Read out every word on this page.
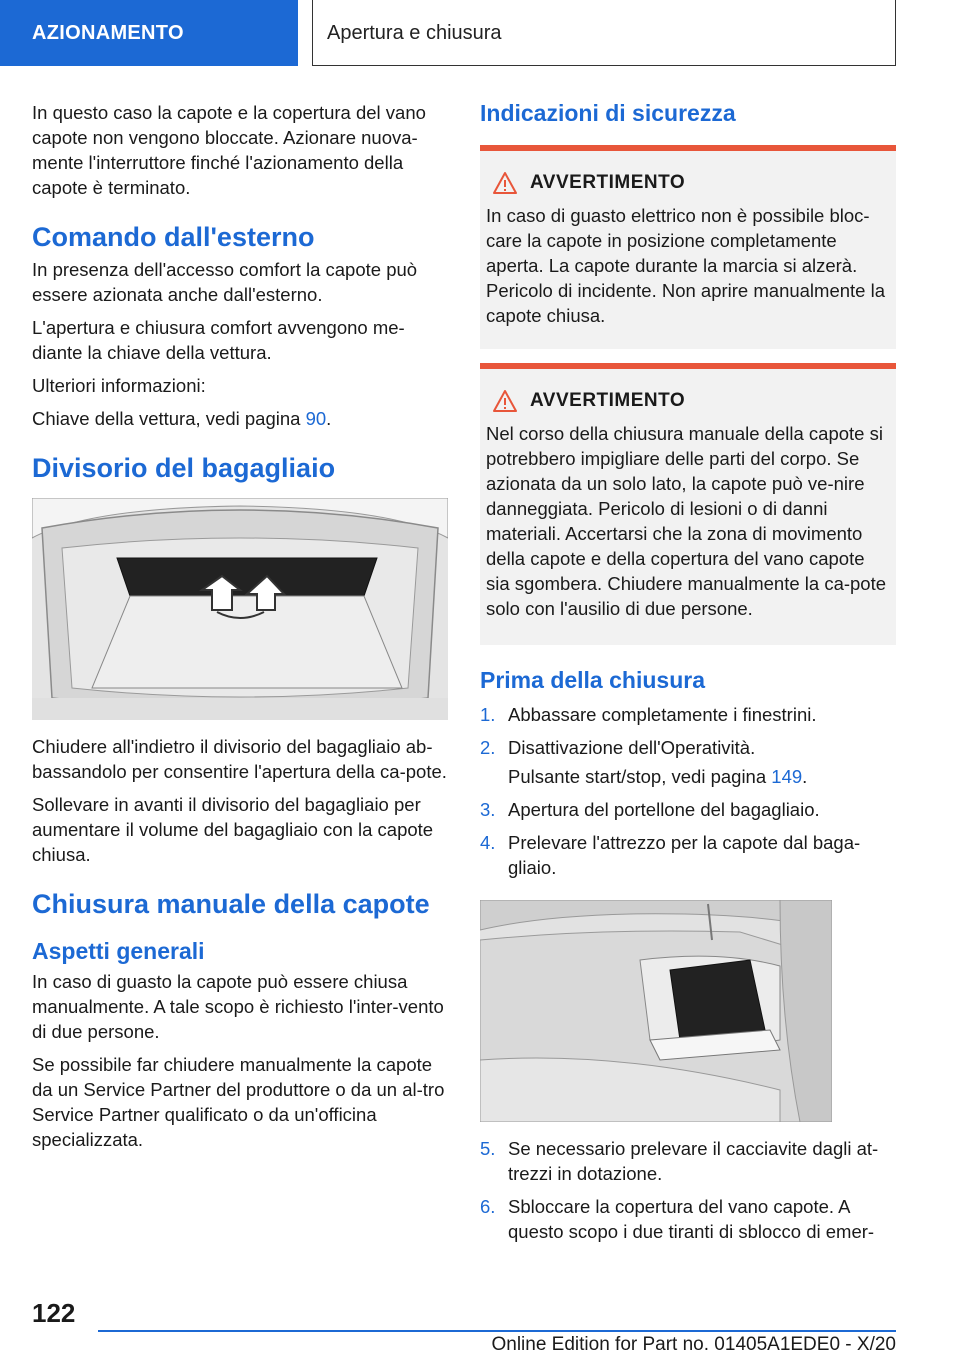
AZIONAMENTO	Apertura e chiusura

In questo caso la capote e la copertura del vano capote non vengono bloccate. Azionare nuova-mente l'interruttore finché l'azionamento della capote è terminato.

Comando dall'esterno

In presenza dell'accesso comfort la capote può essere azionata anche dall'esterno.

L'apertura e chiusura comfort avvengono me-diante la chiave della vettura.

Ulteriori informazioni:

Chiave della vettura, vedi pagina 90.

Divisorio del bagagliaio

Chiudere all'indietro il divisorio del bagagliaio ab-bassandolo per consentire l'apertura della ca-pote.

Sollevare in avanti il divisorio del bagagliaio per aumentare il volume del bagagliaio con la capote chiusa.

Chiusura manuale della capote
Aspetti generali

In caso di guasto la capote può essere chiusa manualmente. A tale scopo è richiesto l'inter-vento di due persone.

Se possibile far chiudere manualmente la capote da un Service Partner del produttore o da un al-tro Service Partner qualificato o da un'officina specializzata.

Indicazioni di sicurezza
AVVERTIMENTO

In caso di guasto elettrico non è possibile bloc-care la capote in posizione completamente aperta. La capote durante la marcia si alzerà. Pericolo di incidente. Non aprire manualmente la capote chiusa.

AVVERTIMENTO

Nel corso della chiusura manuale della capote si potrebbero impigliare delle parti del corpo. Se azionata da un solo lato, la capote può ve-nire danneggiata. Pericolo di lesioni o di danni materiali. Accertarsi che la zona di movimento della capote e della copertura del vano capote sia sgombera. Chiudere manualmente la ca-pote solo con l'ausilio di due persone.

Prima della chiusura
1. Abbassare completamente i finestrini.
2. Disattivazione dell'Operatività.

Pulsante start/stop, vedi pagina 149.

3. Apertura del portellone del bagagliaio.
4. Prelevare l'attrezzo per la capote dal baga-gliaio.
5. Se necessario prelevare il cacciavite dagli at-trezzi in dotazione.
6. Sbloccare la copertura del vano capote. A questo scopo i due tiranti di sblocco di emer-
122
Online Edition for Part no. 01405A1EDE0 - X/20
